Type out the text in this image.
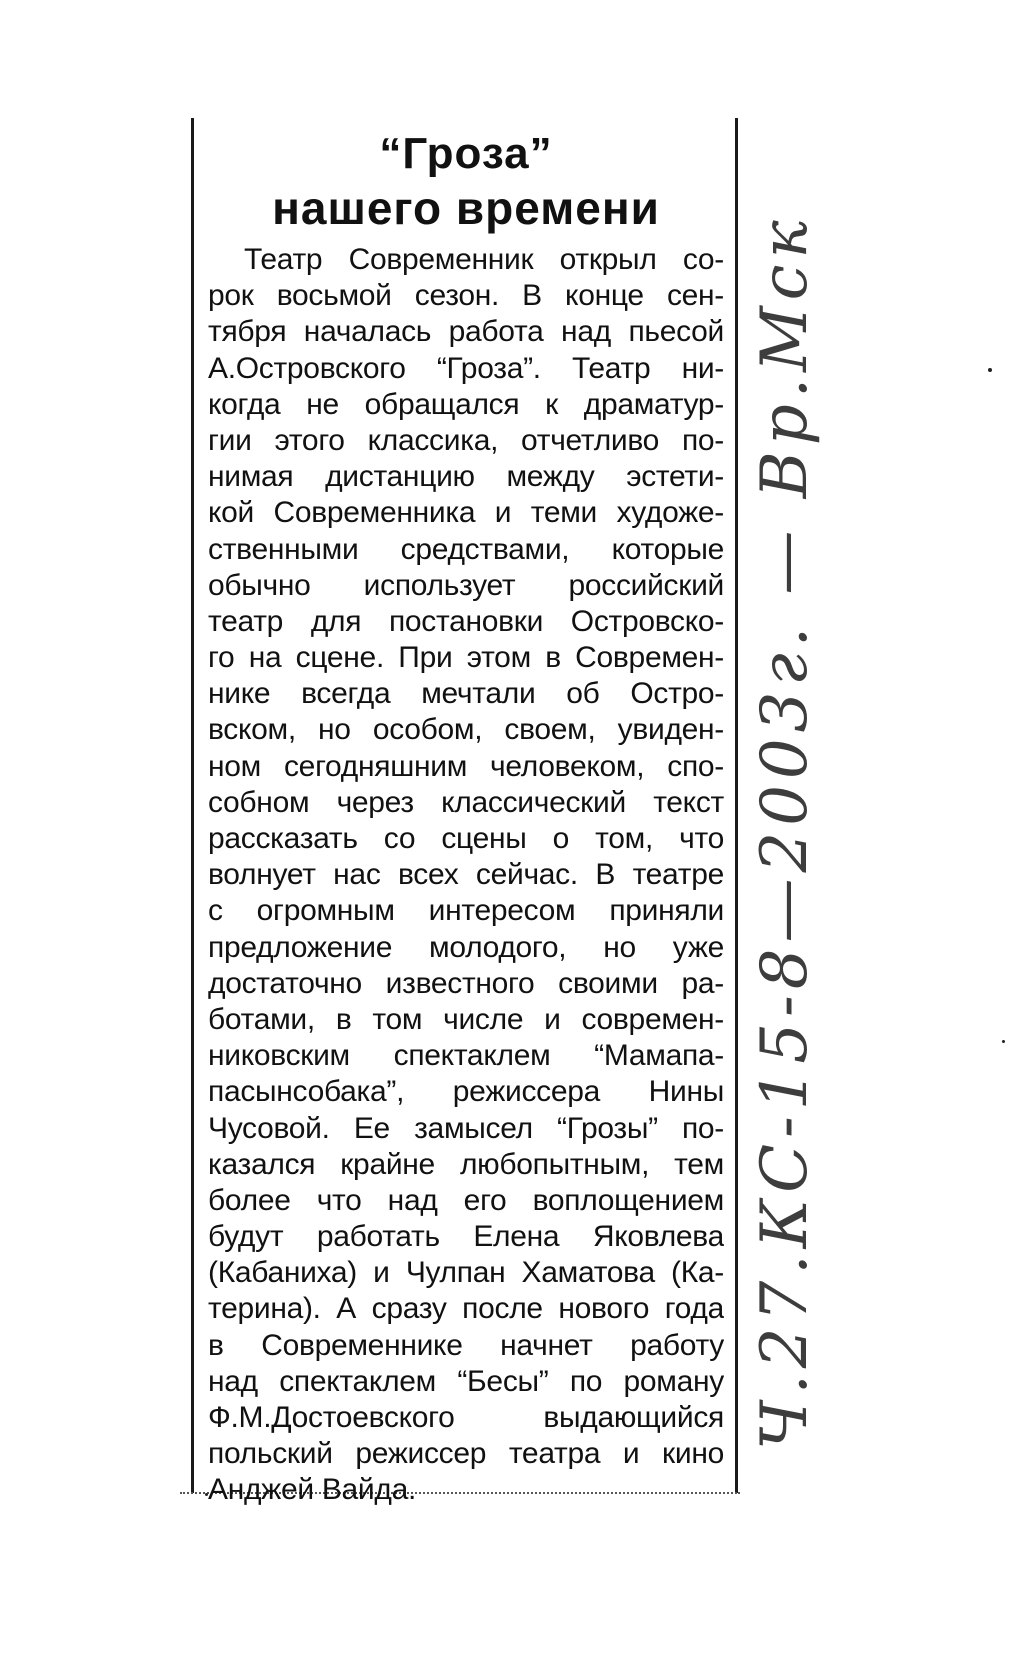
“Гроза”
нашего времени
Театр Современник открыл со-
рок восьмой сезон. В конце сен-
тября началась работа над пьесой
А.Островского “Гроза”. Театр ни-
когда не обращался к драматур-
гии этого классика, отчетливо по-
нимая дистанцию между эстети-
кой Современника и теми художе-
ственными средствами, которые
обычно использует российский
театр для постановки Островско-
го на сцене. При этом в Современ-
нике всегда мечтали об Остро-
вском, но особом, своем, увиден-
ном сегодняшним человеком, спо-
собном через классический текст
рассказать со сцены о том, что
волнует нас всех сейчас. В театре
с огромным интересом приняли
предложение молодого, но уже
достаточно известного своими ра-
ботами, в том числе и современ-
никовским спектаклем “Мамапа-
пасынсобака”, режиссера Нины
Чусовой. Ее замысел “Грозы” по-
казался крайне любопытным, тем
более что над его воплощением
будут работать Елена Яковлева
(Кабаниха) и Чулпан Хаматова (Ка-
терина). А сразу после нового года
в Современнике начнет работу
над спектаклем “Бесы” по роману
Ф.М.Достоевского выдающийся
польский режиссер театра и кино
Анджей Вайда.
Ч.27.КС-15-8—2003г. — Вр.Мск
